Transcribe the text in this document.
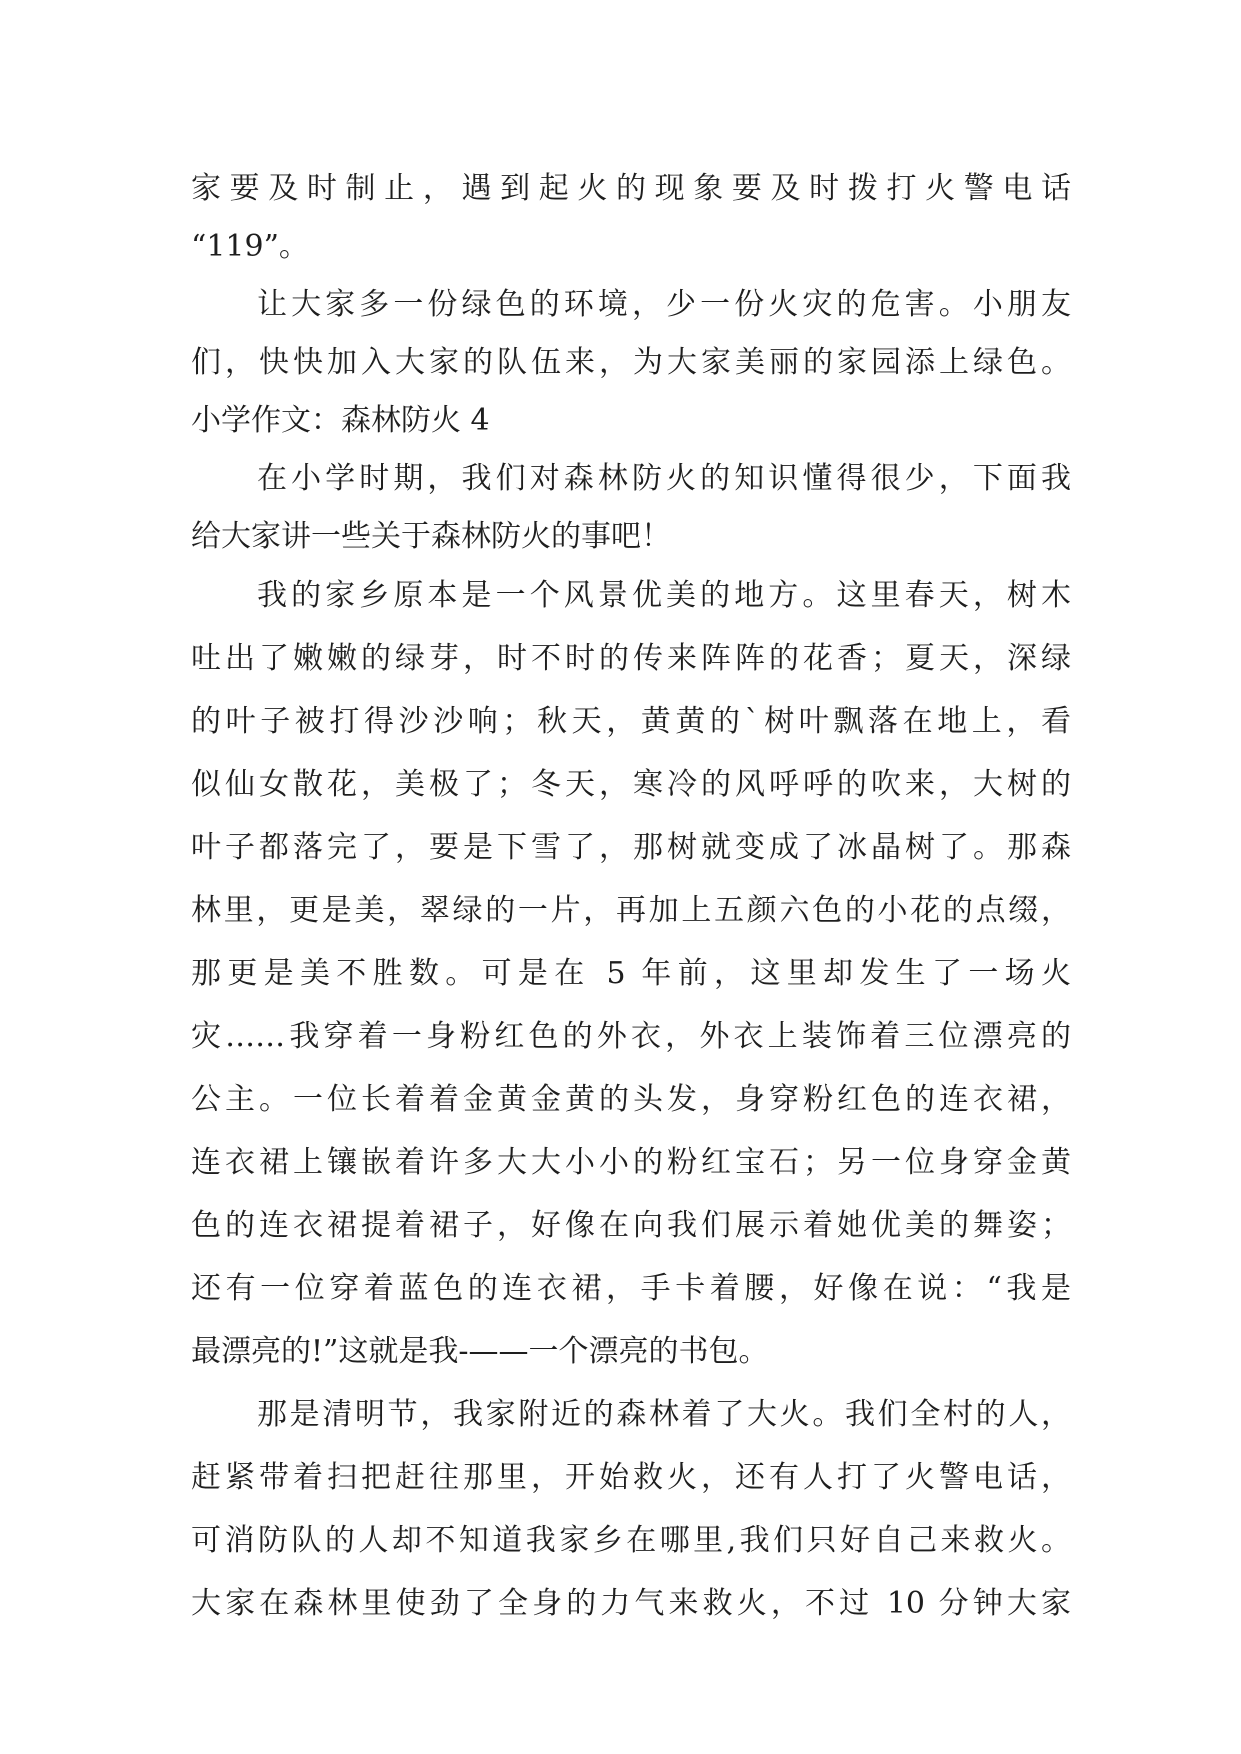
家要及时制止，遇到起火的现象要及时拨打火警电话
“119”。
让大家多一份绿色的环境，少一份火灾的危害。小朋友
们，快快加入大家的队伍来，为大家美丽的家园添上绿色。
小学作文：森林防火 4
在小学时期，我们对森林防火的知识懂得很少，下面我
给大家讲一些关于森林防火的事吧！
我的家乡原本是一个风景优美的地方。这里春天，树木
吐出了嫩嫩的绿芽，时不时的传来阵阵的花香；夏天，深绿
的叶子被打得沙沙响；秋天，黄黄的`树叶飘落在地上，看
似仙女散花，美极了；冬天，寒冷的风呼呼的吹来，大树的
叶子都落完了，要是下雪了，那树就变成了冰晶树了。那森
林里，更是美，翠绿的一片，再加上五颜六色的小花的点缀，
那更是美不胜数。可是在 5 年前，这里却发生了一场火
灾……我穿着一身粉红色的外衣，外衣上装饰着三位漂亮的
公主。一位长着着金黄金黄的头发，身穿粉红色的连衣裙，
连衣裙上镶嵌着许多大大小小的粉红宝石；另一位身穿金黄
色的连衣裙提着裙子，好像在向我们展示着她优美的舞姿；
还有一位穿着蓝色的连衣裙，手卡着腰，好像在说：“我是
最漂亮的!”这就是我-——一个漂亮的书包。
那是清明节，我家附近的森林着了大火。我们全村的人，
赶紧带着扫把赶往那里，开始救火，还有人打了火警电话，
可消防队的人却不知道我家乡在哪里,我们只好自己来救火。
大家在森林里使劲了全身的力气来救火，不过 10 分钟大家
